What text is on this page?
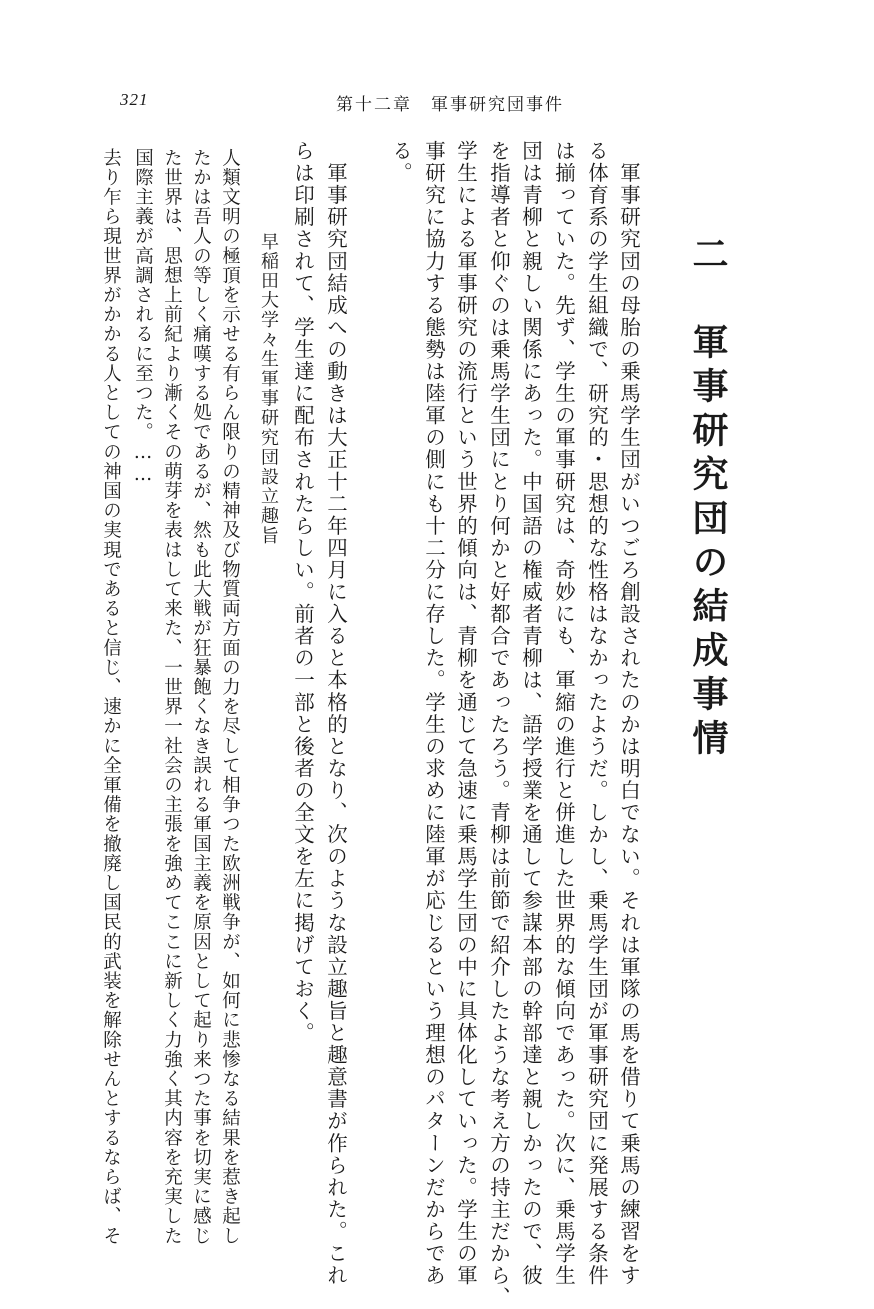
321	第十二章　軍事研究団事件
二　軍事研究団の結成事情
　軍事研究団の母胎の乗馬学生団がいつごろ創設されたのかは明白でない。それは軍隊の馬を借りて乗馬の練習をす
る体育系の学生組織で、研究的・思想的な性格はなかったようだ。しかし、乗馬学生団が軍事研究団に発展する条件
は揃っていた。先ず、学生の軍事研究は、奇妙にも、軍縮の進行と併進した世界的な傾向であった。次に、乗馬学生
団は青柳と親しい関係にあった。中国語の権威者青柳は、語学授業を通して参謀本部の幹部達と親しかったので、彼
を指導者と仰ぐのは乗馬学生団にとり何かと好都合であったろう。青柳は前節で紹介したような考え方の持主だから、
学生による軍事研究の流行という世界的傾向は、青柳を通じて急速に乗馬学生団の中に具体化していった。学生の軍
事研究に協力する態勢は陸軍の側にも十二分に存した。学生の求めに陸軍が応じるという理想のパターンだからであ
る。
　軍事研究団結成への動きは大正十二年四月に入ると本格的となり、次のような設立趣旨と趣意書が作られた。これ
らは印刷されて、学生達に配布されたらしい。前者の一部と後者の全文を左に掲げておく。
早稲田大学々生軍事研究団設立趣旨
人類文明の極頂を示せる有らん限りの精神及び物質両方面の力を尽して相争つた欧洲戦争が、如何に悲惨なる結果を惹き起し
たかは吾人の等しく痛嘆する処であるが、然も此大戦が狂暴飽くなき誤れる軍国主義を原因として起り来つた事を切実に感じ
た世界は、思想上前紀より漸くその萌芽を表はして来た、一世界一社会の主張を強めてここに新しく力強く其内容を充実した
国際主義が高調されるに至つた。……
去り乍ら現世界がかかる人としての神国の実現であると信じ、速かに全軍備を撤廃し国民的武装を解除せんとするならば、そ
